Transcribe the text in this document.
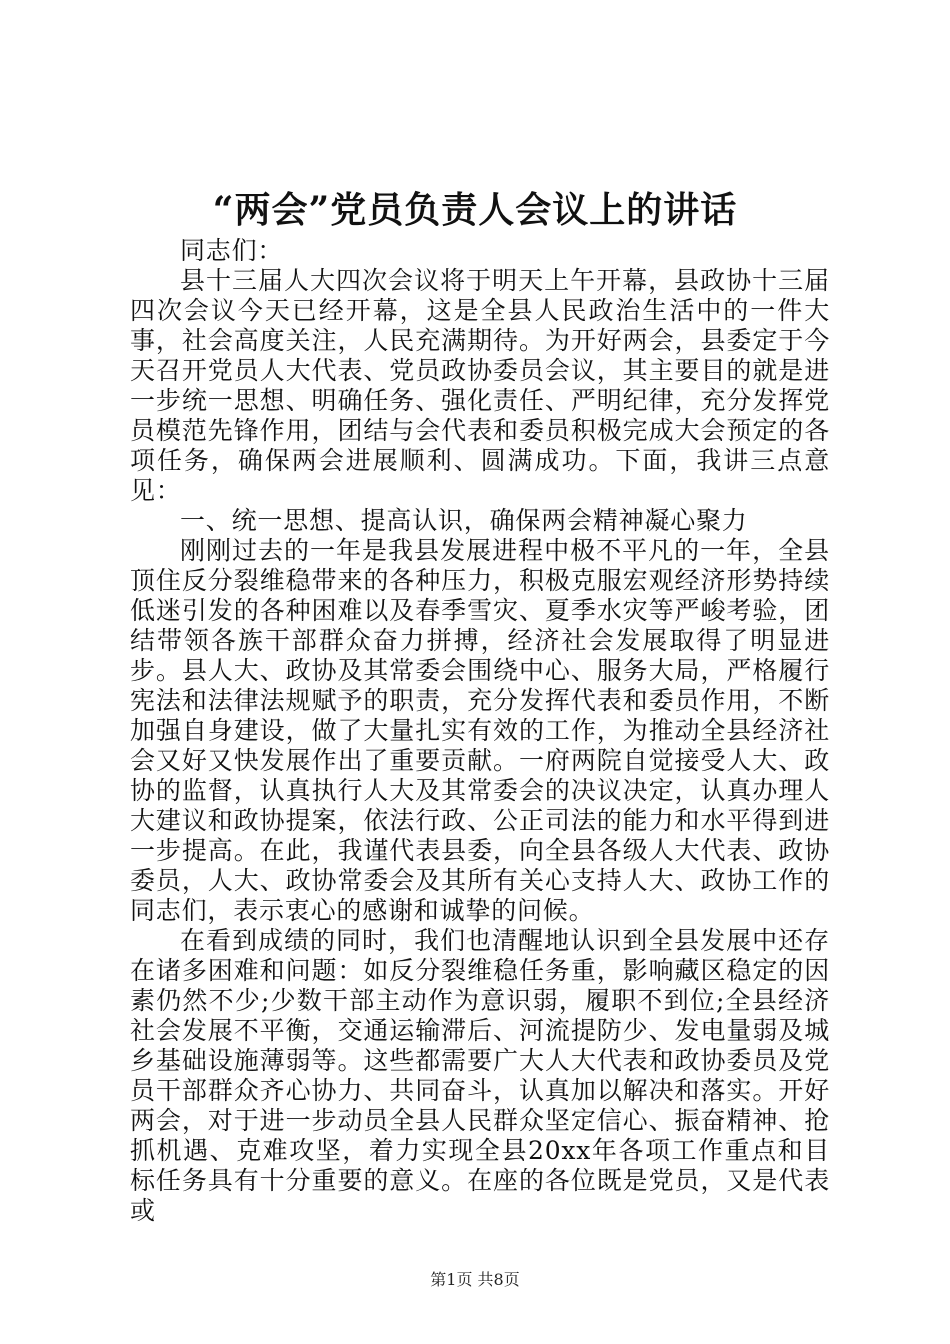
“两会”党员负责人会议上的讲话

同志们：

县十三届人大四次会议将于明天上午开幕，县政协十三届四次会议今天已经开幕，这是全县人民政治生活中的一件大事，社会高度关注，人民充满期待。为开好两会，县委定于今天召开党员人大代表、党员政协委员会议，其主要目的就是进一步统一思想、明确任务、强化责任、严明纪律，充分发挥党员模范先锋作用，团结与会代表和委员积极完成大会预定的各项任务，确保两会进展顺利、圆满成功。下面，我讲三点意见：

一、统一思想、提高认识，确保两会精神凝心聚力

刚刚过去的一年是我县发展进程中极不平凡的一年，全县顶住反分裂维稳带来的各种压力，积极克服宏观经济形势持续低迷引发的各种困难以及春季雪灾、夏季水灾等严峻考验，团结带领各族干部群众奋力拼搏，经济社会发展取得了明显进步。县人大、政协及其常委会围绕中心、服务大局，严格履行宪法和法律法规赋予的职责，充分发挥代表和委员作用，不断加强自身建设，做了大量扎实有效的工作，为推动全县经济社会又好又快发展作出了重要贡献。一府两院自觉接受人大、政协的监督，认真执行人大及其常委会的决议决定，认真办理人大建议和政协提案，依法行政、公正司法的能力和水平得到进一步提高。在此，我谨代表县委，向全县各级人大代表、政协委员，人大、政协常委会及其所有关心支持人大、政协工作的同志们，表示衷心的感谢和诚挚的问候。

在看到成绩的同时，我们也清醒地认识到全县发展中还存在诸多困难和问题：如反分裂维稳任务重，影响藏区稳定的因素仍然不少;少数干部主动作为意识弱，履职不到位;全县经济社会发展不平衡，交通运输滞后、河流提防少、发电量弱及城乡基础设施薄弱等。这些都需要广大人大代表和政协委员及党员干部群众齐心协力、共同奋斗，认真加以解决和落实。开好两会，对于进一步动员全县人民群众坚定信心、振奋精神、抢抓机遇、克难攻坚，着力实现全县20xx年各项工作重点和目标任务具有十分重要的意义。在座的各位既是党员，又是代表或

第1页 共8页
